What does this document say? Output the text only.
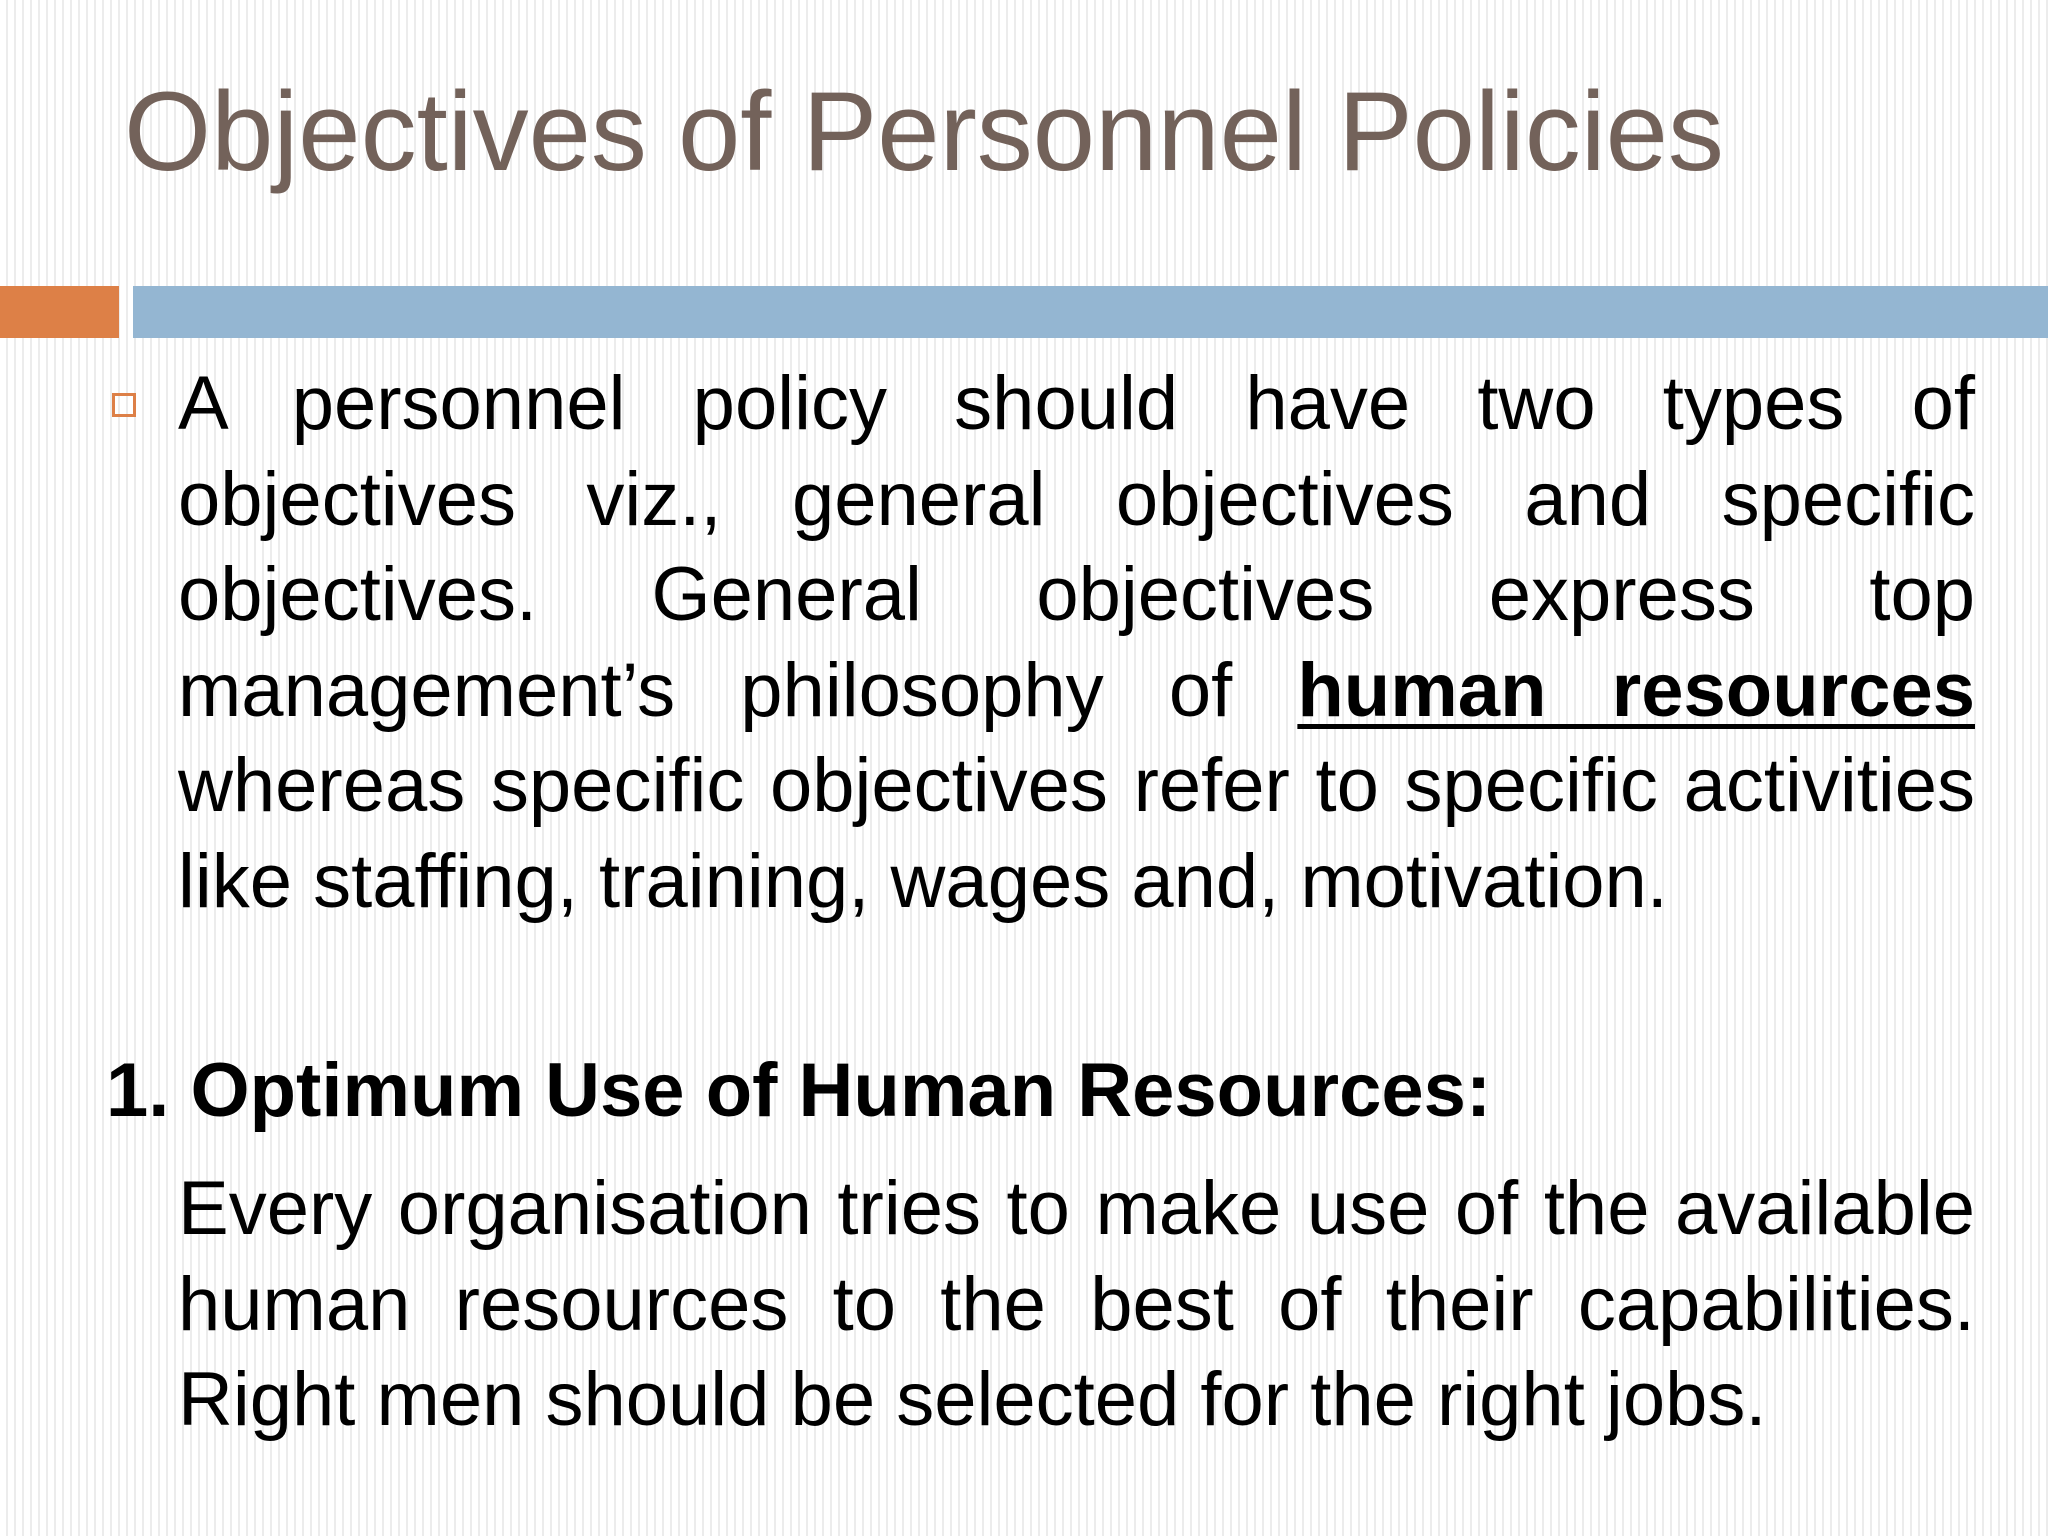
Objectives of Personnel Policies

A personnel policy should have two types of objectives viz., general objectives and specific objectives. General objectives express top management’s philosophy of human resources whereas specific objectives refer to specific activities like staffing, training, wages and, motivation.

1. Optimum Use of Human Resources:

Every organisation tries to make use of the available human resources to the best of their capabilities. Right men should be selected for the right jobs.
